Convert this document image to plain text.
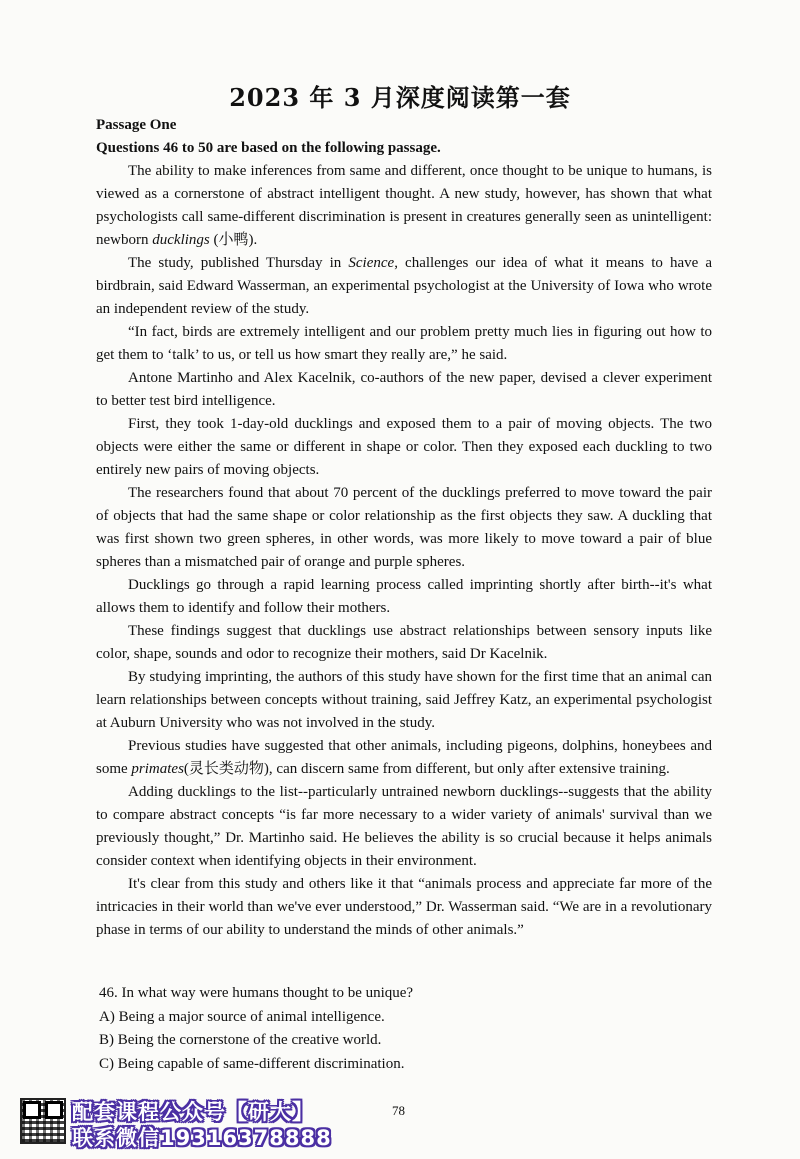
2023 年 3 月深度阅读第一套
Passage One
Questions 46 to 50 are based on the following passage.

The ability to make inferences from same and different, once thought to be unique to humans, is viewed as a cornerstone of abstract intelligent thought. A new study, however, has shown that what psychologists call same-different discrimination is present in creatures generally seen as unintelligent: newborn ducklings (小鸭).

The study, published Thursday in Science, challenges our idea of what it means to have a birdbrain, said Edward Wasserman, an experimental psychologist at the University of Iowa who wrote an independent review of the study.

“In fact, birds are extremely intelligent and our problem pretty much lies in figuring out how to get them to ‘talk’ to us, or tell us how smart they really are,” he said.

Antone Martinho and Alex Kacelnik, co-authors of the new paper, devised a clever experiment to better test bird intelligence.

First, they took 1-day-old ducklings and exposed them to a pair of moving objects. The two objects were either the same or different in shape or color. Then they exposed each duckling to two entirely new pairs of moving objects.

The researchers found that about 70 percent of the ducklings preferred to move toward the pair of objects that had the same shape or color relationship as the first objects they saw. A duckling that was first shown two green spheres, in other words, was more likely to move toward a pair of blue spheres than a mismatched pair of orange and purple spheres.

Ducklings go through a rapid learning process called imprinting shortly after birth--it's what allows them to identify and follow their mothers.

These findings suggest that ducklings use abstract relationships between sensory inputs like color, shape, sounds and odor to recognize their mothers, said Dr Kacelnik.

By studying imprinting, the authors of this study have shown for the first time that an animal can learn relationships between concepts without training, said Jeffrey Katz, an experimental psychologist at Auburn University who was not involved in the study.

Previous studies have suggested that other animals, including pigeons, dolphins, honeybees and some primates(灵长类动物), can discern same from different, but only after extensive training.

Adding ducklings to the list--particularly untrained newborn ducklings--suggests that the ability to compare abstract concepts “is far more necessary to a wider variety of animals' survival than we previously thought,” Dr. Martinho said. He believes the ability is so crucial because it helps animals consider context when identifying objects in their environment.

It's clear from this study and others like it that “animals process and appreciate far more of the intricacies in their world than we've ever understood,” Dr. Wasserman said. “We are in a revolutionary phase in terms of our ability to understand the minds of other animals.”

46. In what way were humans thought to be unique?
A) Being a major source of animal intelligence.
B) Being the cornerstone of the creative world.
C) Being capable of same-different discrimination.
78
配套课程公众号【研大】
联系微信19316378888
